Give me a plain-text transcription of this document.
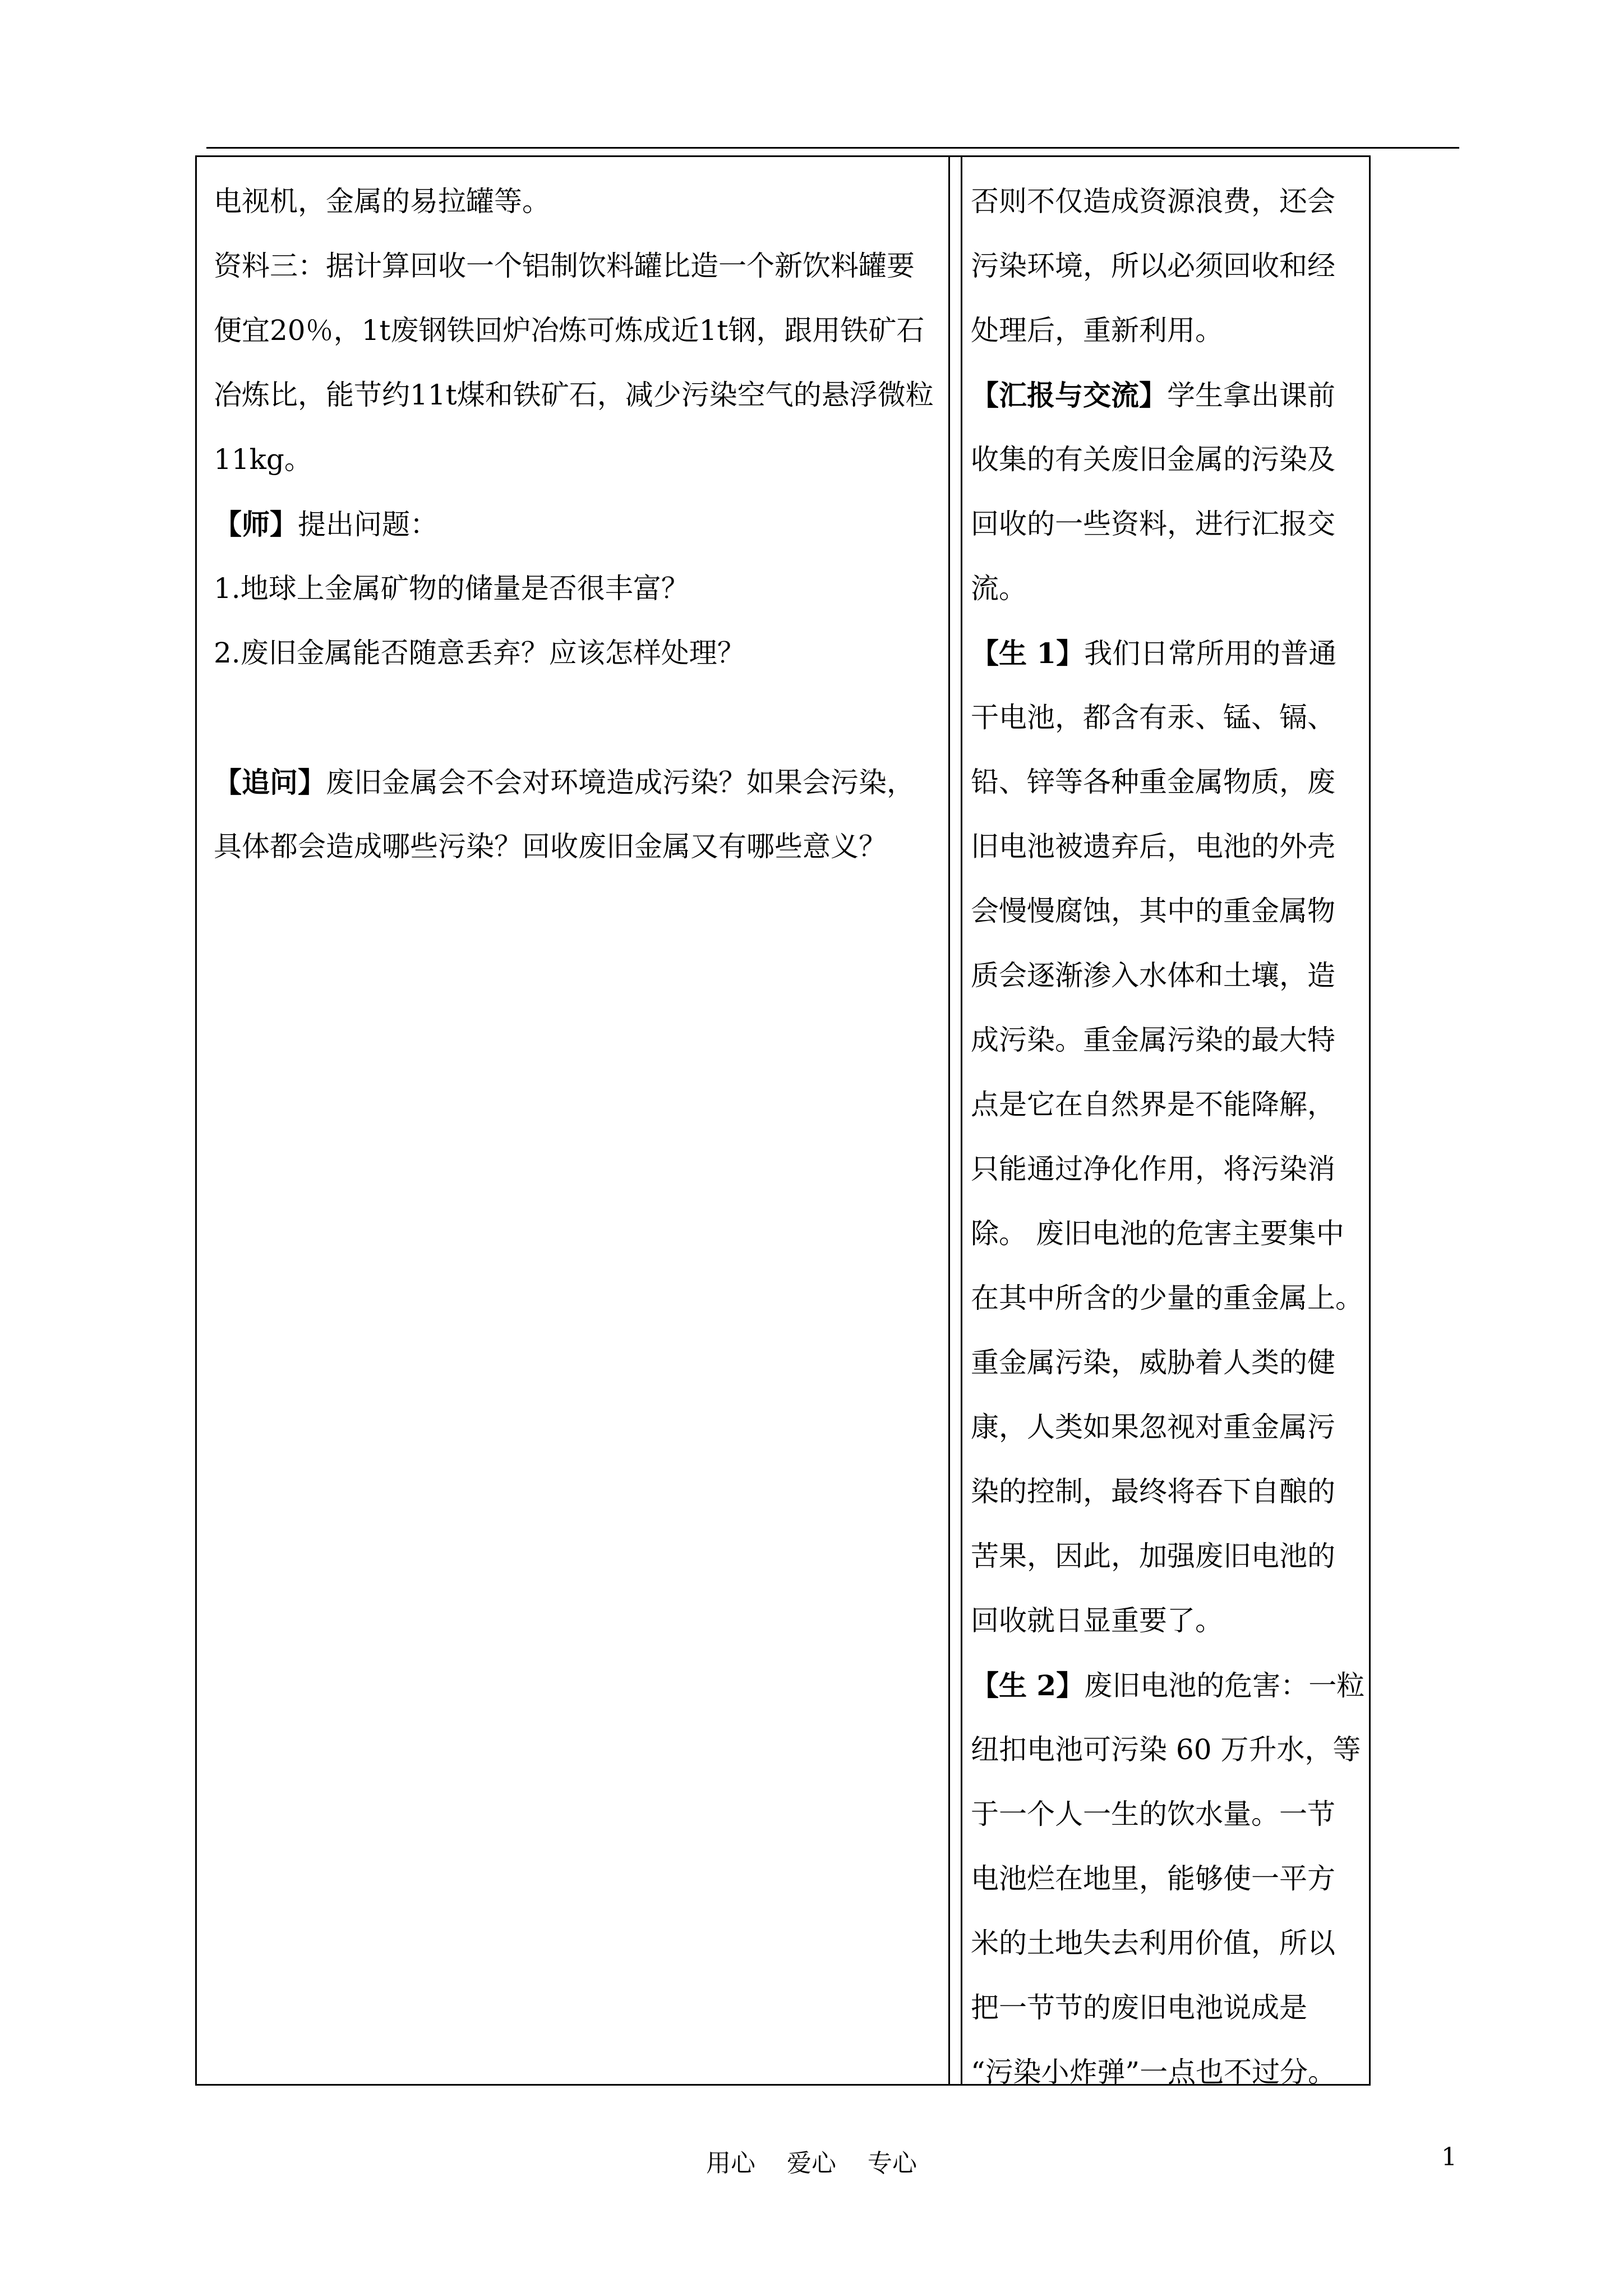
电视机，金属的易拉罐等。
资料三：据计算回收一个铝制饮料罐比造一个新饮料罐要
便宜20％，1t废钢铁回炉冶炼可炼成近1t钢，跟用铁矿石
冶炼比，能节约11t煤和铁矿石，减少污染空气的悬浮微粒
11kg。
【师】提出问题：
1.地球上金属矿物的储量是否很丰富？
2.废旧金属能否随意丢弃？应该怎样处理？
【追问】废旧金属会不会对环境造成污染？如果会污染，
具体都会造成哪些污染？回收废旧金属又有哪些意义？
否则不仅造成资源浪费，还会
污染环境，所以必须回收和经
处理后，重新利用。
【汇报与交流】学生拿出课前
收集的有关废旧金属的污染及
回收的一些资料，进行汇报交
流。
【生 1】我们日常所用的普通
干电池，都含有汞、锰、镉、
铅、锌等各种重金属物质，废
旧电池被遗弃后，电池的外壳
会慢慢腐蚀，其中的重金属物
质会逐渐渗入水体和土壤，造
成污染。重金属污染的最大特
点是它在自然界是不能降解，
只能通过净化作用，将污染消
除。 废旧电池的危害主要集中
在其中所含的少量的重金属上。
重金属污染，威胁着人类的健
康，人类如果忽视对重金属污
染的控制，最终将吞下自酿的
苦果，因此，加强废旧电池的
回收就日显重要了。
【生 2】废旧电池的危害：一粒
纽扣电池可污染 60 万升水，等
于一个人一生的饮水量。一节
电池烂在地里，能够使一平方
米的土地失去利用价值，所以
把一节节的废旧电池说成是
“污染小炸弹”一点也不过分。
用心 爱心 专心	1
